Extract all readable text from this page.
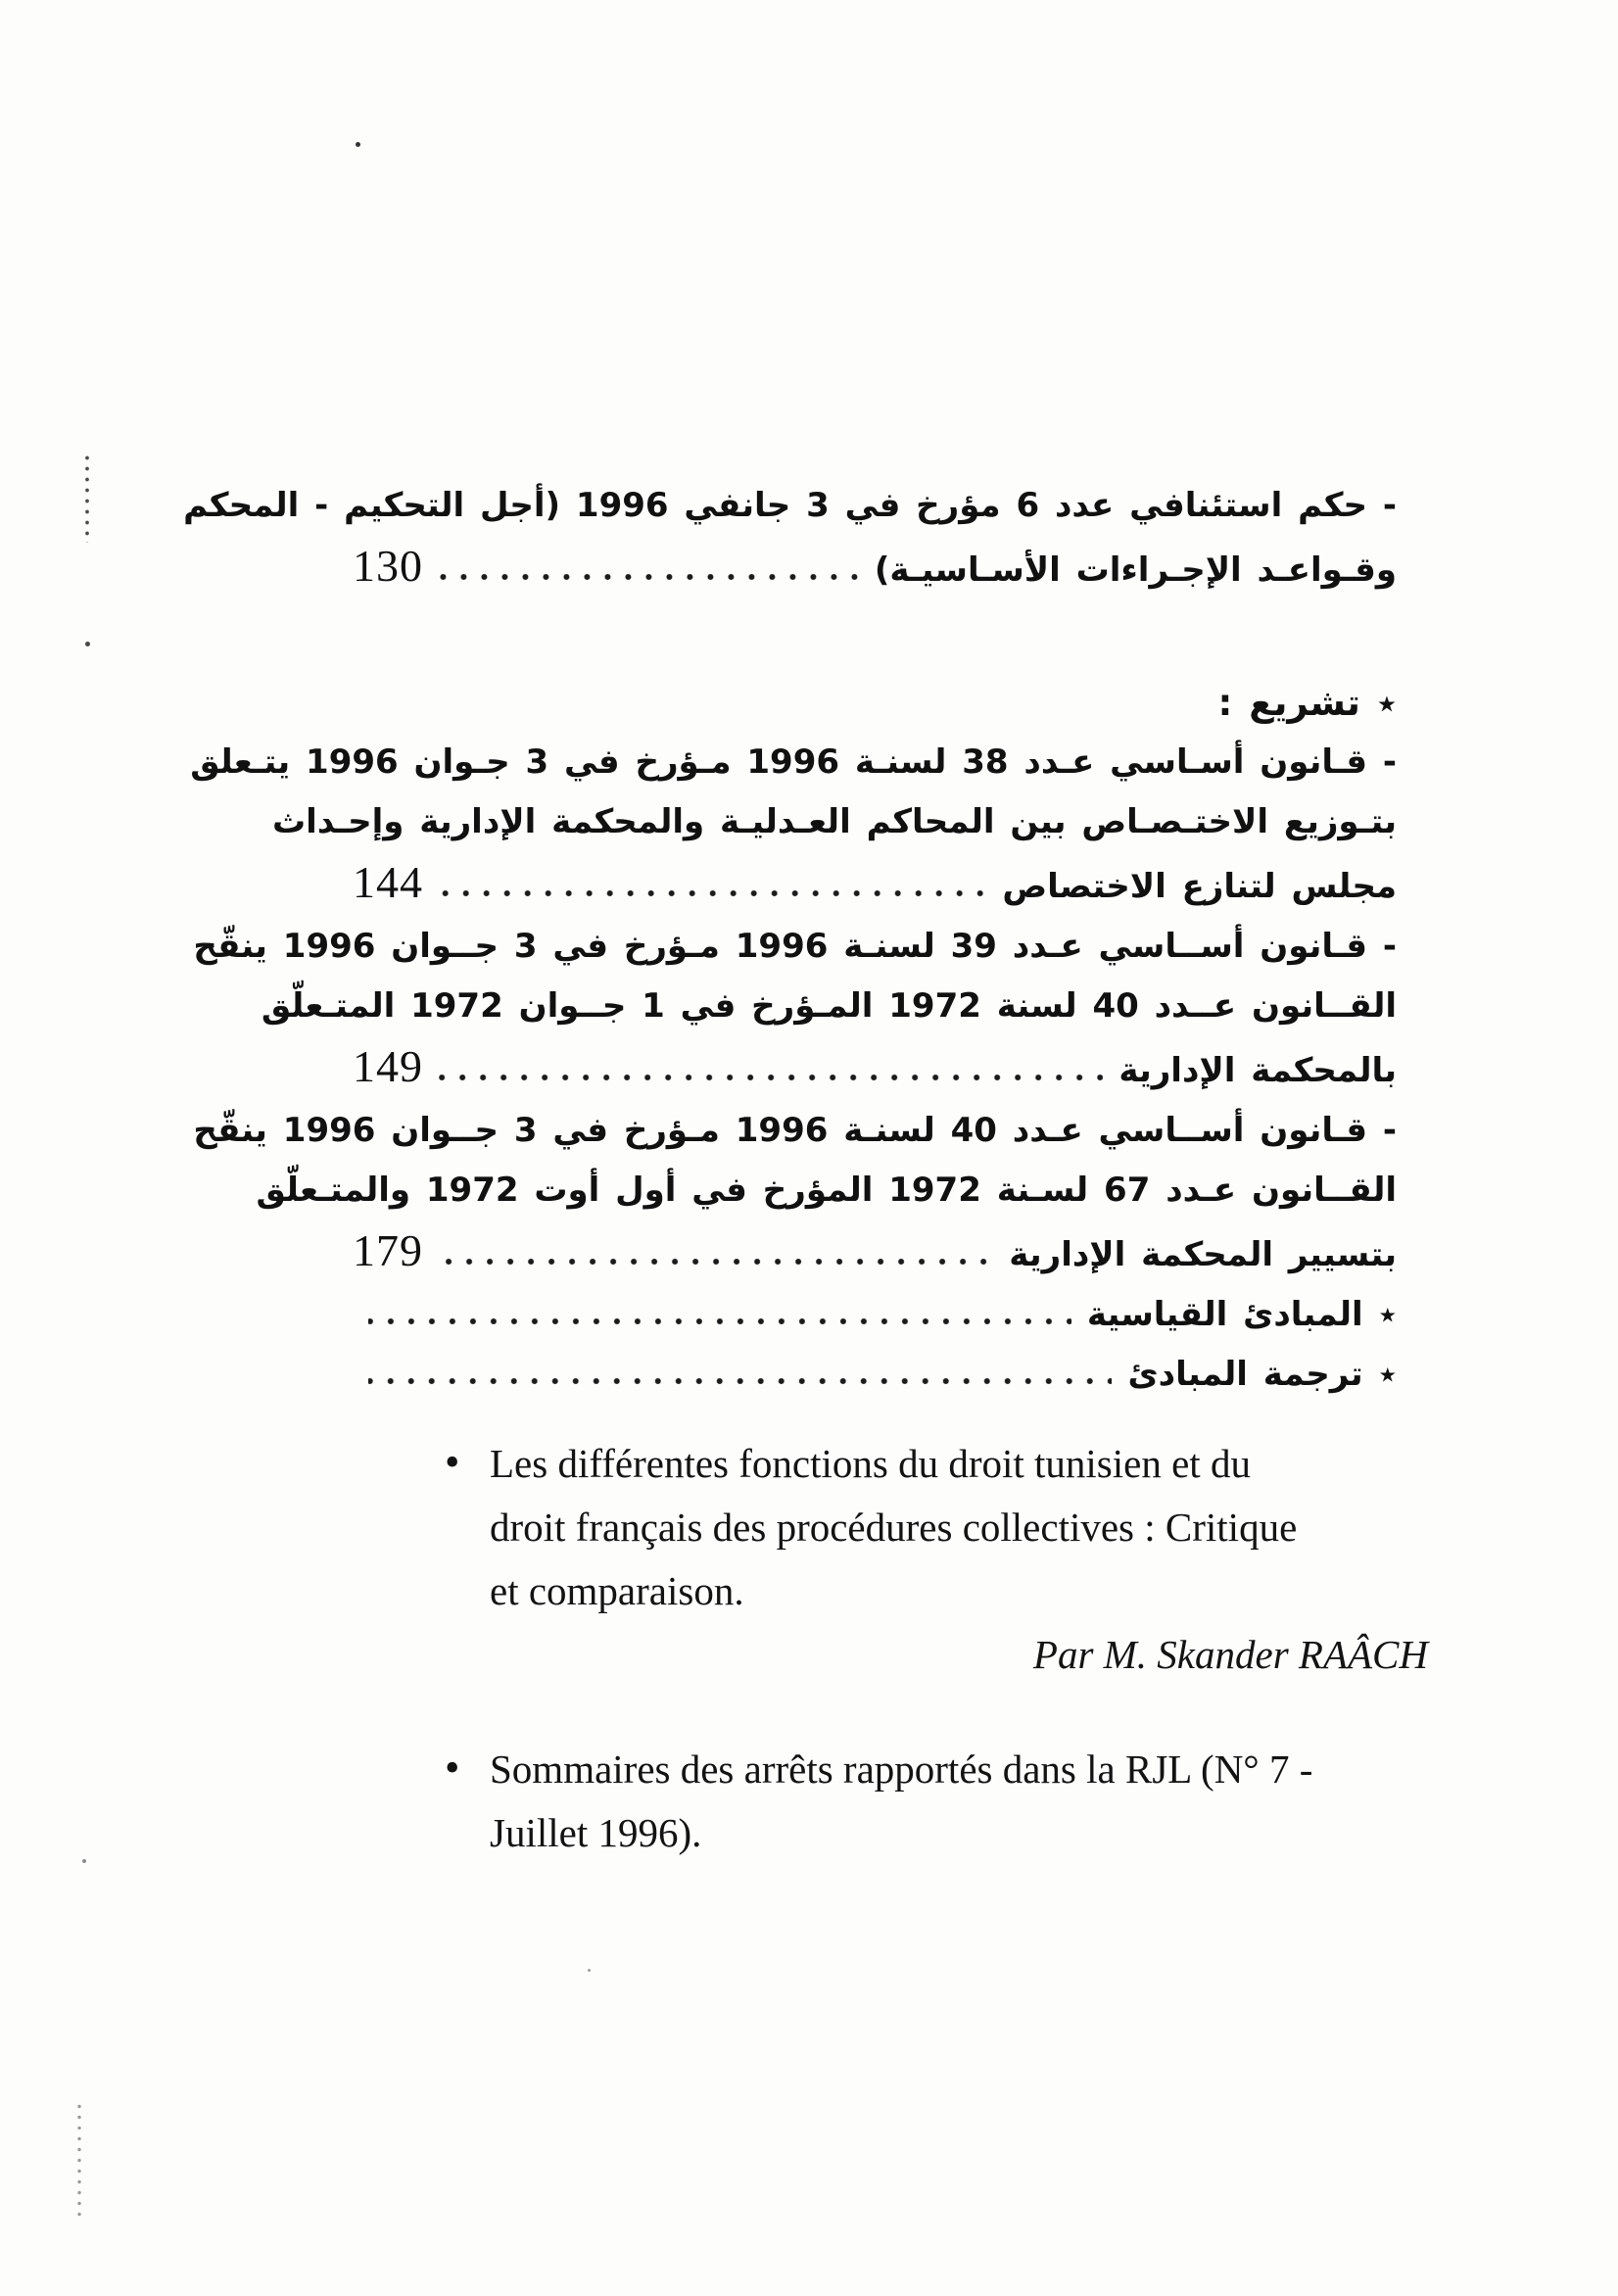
- حكم استئنافي عدد 6 مؤرخ في 3 جانفي 1996 (أجل التحكيم - المحكم
وقـواعـد الإجـراءات الأسـاسيـة)
130
٭ تشريع :
- قـانون أسـاسي عـدد 38 لسنـة 1996 مـؤرخ في 3 جـوان 1996 يتـعلق
بتـوزيع الاختـصـاص بين المحاكم العـدليـة والمحكمة الإدارية وإحـداث
مجلس لتنازع الاختصاص
144
- قـانون أســاسي عـدد 39 لسنـة 1996 مـؤرخ في 3 جــوان 1996 ينقّح
القــانون عــدد 40 لسنة 1972 المـؤرخ في 1 جــوان 1972 المتـعلّق
بالمحكمة الإدارية
149
- قـانون أســاسي عـدد 40 لسنـة 1996 مـؤرخ في 3 جــوان 1996 ينقّح
القــانون عـدد 67 لسـنة 1972 المؤرخ في أول أوت 1972 والمتـعلّق
بتسيير المحكمة الإدارية
179
٭ المبادئ القياسية
٭ ترجمة المبادئ
• Les différentes fonctions du droit tunisien et du
droit français des procédures collectives : Critique
et comparaison.
Par M. Skander RAÂCH
• Sommaires des arrêts rapportés dans la RJL (N° 7 -
Juillet 1996).
